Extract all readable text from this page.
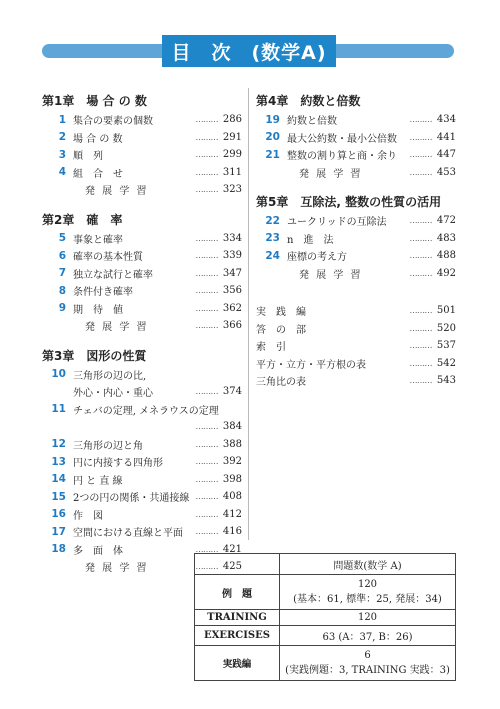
目　次　(数学A)
第1章　場 合 の 数
1 集合の要素の個数	……… 286
2 場 合 の 数	……… 291
3 順　列	……… 299
4 組　合　せ	……… 311
発 展 学 習	……… 323
第2章　確　率
5 事象と確率	……… 334
6 確率の基本性質	……… 339
7 独立な試行と確率	……… 347
8 条件付き確率	……… 356
9 期　待　値	……… 362
発 展 学 習	……… 366
第3章　図形の性質
10 三角形の辺の比,
外心・内心・重心	……… 374
11 チェバの定理, メネラウスの定理
……… 384
12 三角形の辺と角	……… 388
13 円に内接する四角形	……… 392
14 円 と 直 線	……… 398
15 2つの円の関係・共通接線 ……… 408
16 作　図	……… 412
17 空間における直線と平面	……… 416
18 多　面　体	……… 421
発 展 学 習	……… 425
第4章　約数と倍数
19 約数と倍数	……… 434
20 最大公約数・最小公倍数	……… 441
21 整数の割り算と商・余り	……… 447
発 展 学 習	……… 453
第5章　互除法, 整数の性質の活用
22 ユークリッドの互除法	……… 472
23 n　進　法	……… 483
24 座標の考え方	……… 488
発 展 学 習	……… 492
実　践　編	……… 501
答　の　部	……… 520
索　引	……… 537
平方・立方・平方根の表	……… 542
三角比の表	……… 543
	問題数(数学 A)
例　題	120
(基本：61, 標準：25, 発展：34)

TRAINING	120
EXERCISES	63 (A：37, B：26)
実践編	6
(実践例題：3, TRAINING 実践：3)
